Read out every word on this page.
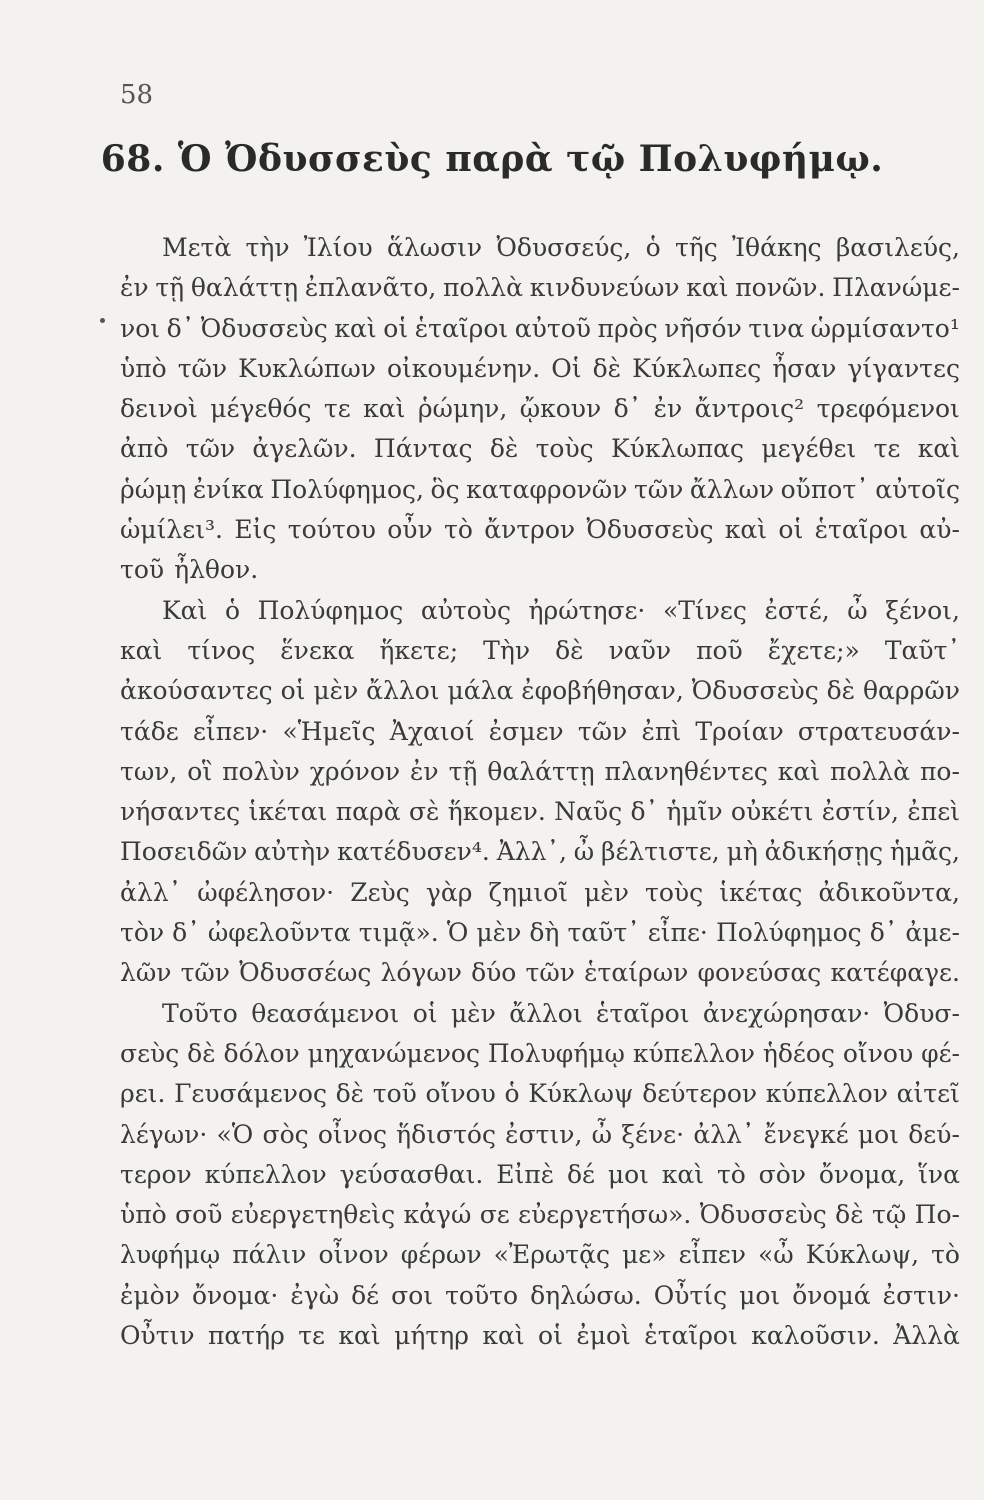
58
68. Ὁ Ὀδυσσεὺς παρὰ τῷ Πολυφήμῳ.
Μετὰ τὴν Ἰλίου ἅλωσιν Ὀδυσσεύς, ὁ τῆς Ἰθάκης βασιλεύς,
ἐν τῇ θαλάττῃ ἐπλανᾶτο, πολλὰ κινδυνεύων καὶ πονῶν. Πλανώμε-
νοι δ᾽ Ὀδυσσεὺς καὶ οἱ ἑταῖροι αὐτοῦ πρὸς νῆσόν τινα ὡρμίσαντο¹
ὑπὸ τῶν Κυκλώπων οἰκουμένην. Οἱ δὲ Κύκλωπες ἦσαν γίγαντες
δεινοὶ μέγεθός τε καὶ ῥώμην, ᾤκουν δ᾽ ἐν ἄντροις² τρεφόμενοι
ἀπὸ τῶν ἀγελῶν. Πάντας δὲ τοὺς Κύκλωπας μεγέθει τε καὶ
ῥώμῃ ἐνίκα Πολύφημος, ὃς καταφρονῶν τῶν ἄλλων οὔποτ᾽ αὐτοῖς
ὡμίλει³. Εἰς τούτου οὖν τὸ ἄντρον Ὀδυσσεὺς καὶ οἱ ἑταῖροι αὐ-
τοῦ ἦλθον.
Καὶ ὁ Πολύφημος αὐτοὺς ἠρώτησε· «Τίνες ἐστέ, ὦ ξένοι,
καὶ τίνος ἕνεκα ἥκετε; Τὴν δὲ ναῦν ποῦ ἔχετε;» Ταῦτ᾽
ἀκούσαντες οἱ μὲν ἄλλοι μάλα ἐφοβήθησαν, Ὀδυσσεὺς δὲ θαρρῶν
τάδε εἶπεν· «Ἡμεῖς Ἀχαιοί ἐσμεν τῶν ἐπὶ Τροίαν στρατευσάν-
των, οἳ πολὺν χρόνον ἐν τῇ θαλάττῃ πλανηθέντες καὶ πολλὰ πο-
νήσαντες ἱκέται παρὰ σὲ ἥκομεν. Ναῦς δ᾽ ἡμῖν οὐκέτι ἐστίν, ἐπεὶ
Ποσειδῶν αὐτὴν κατέδυσεν⁴. Ἀλλ᾽, ὦ βέλτιστε, μὴ ἀδικήσῃς ἡμᾶς,
ἀλλ᾽ ὠφέλησον· Ζεὺς γὰρ ζημιοῖ μὲν τοὺς ἱκέτας ἀδικοῦντα,
τὸν δ᾽ ὠφελοῦντα τιμᾷ». Ὁ μὲν δὴ ταῦτ᾽ εἶπε· Πολύφημος δ᾽ ἀμε-
λῶν τῶν Ὀδυσσέως λόγων δύο τῶν ἑταίρων φονεύσας κατέφαγε.
Τοῦτο θεασάμενοι οἱ μὲν ἄλλοι ἑταῖροι ἀνεχώρησαν· Ὀδυσ-
σεὺς δὲ δόλον μηχανώμενος Πολυφήμῳ κύπελλον ἡδέος οἴνου φέ-
ρει. Γευσάμενος δὲ τοῦ οἴνου ὁ Κύκλωψ δεύτερον κύπελλον αἰτεῖ
λέγων· «Ὁ σὸς οἶνος ἥδιστός ἐστιν, ὦ ξένε· ἀλλ᾽ ἔνεγκέ μοι δεύ-
τερον κύπελλον γεύσασθαι. Εἰπὲ δέ μοι καὶ τὸ σὸν ὄνομα, ἵνα
ὑπὸ σοῦ εὐεργετηθεὶς κἀγώ σε εὐεργετήσω». Ὀδυσσεὺς δὲ τῷ Πο-
λυφήμῳ πάλιν οἶνον φέρων «Ἐρωτᾷς με» εἶπεν «ὦ Κύκλωψ, τὸ
ἐμὸν ὄνομα· ἐγὼ δέ σοι τοῦτο δηλώσω. Οὖτίς μοι ὄνομά ἐστιν·
Οὖτιν πατήρ τε καὶ μήτηρ καὶ οἱ ἐμοὶ ἑταῖροι καλοῦσιν. Ἀλλὰ
